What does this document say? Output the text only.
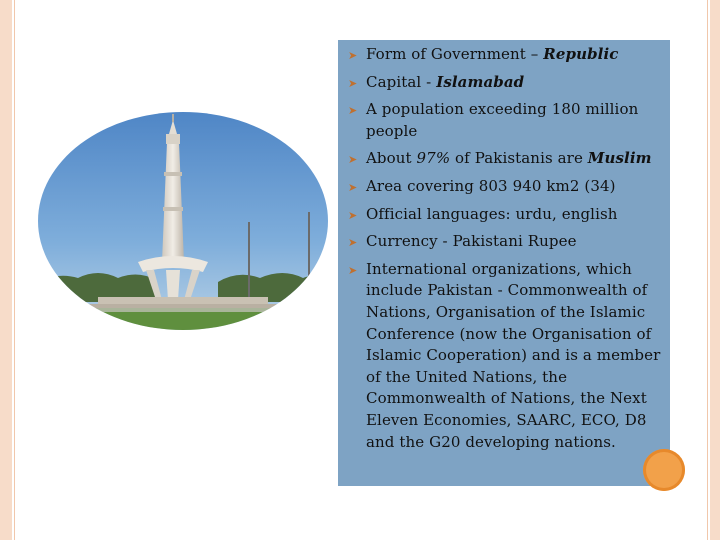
➤ Form of Government – Republic
➤ Capital - Islamabad
➤ A population exceeding 180 million people
➤ About 97% of Pakistanis are Muslim
➤ Area covering 803 940 km2 (34)
➤ Official languages: urdu, english
➤ Currency - Pakistani Rupee
➤ International organizations, which include Pakistan - Commonwealth of Nations, Organisation of the Islamic Conference (now the Organisation of Islamic Cooperation) and is a member of the United Nations, the Commonwealth of Nations, the Next Eleven Economies, SAARC, ECO, D8 and the G20 developing nations.
